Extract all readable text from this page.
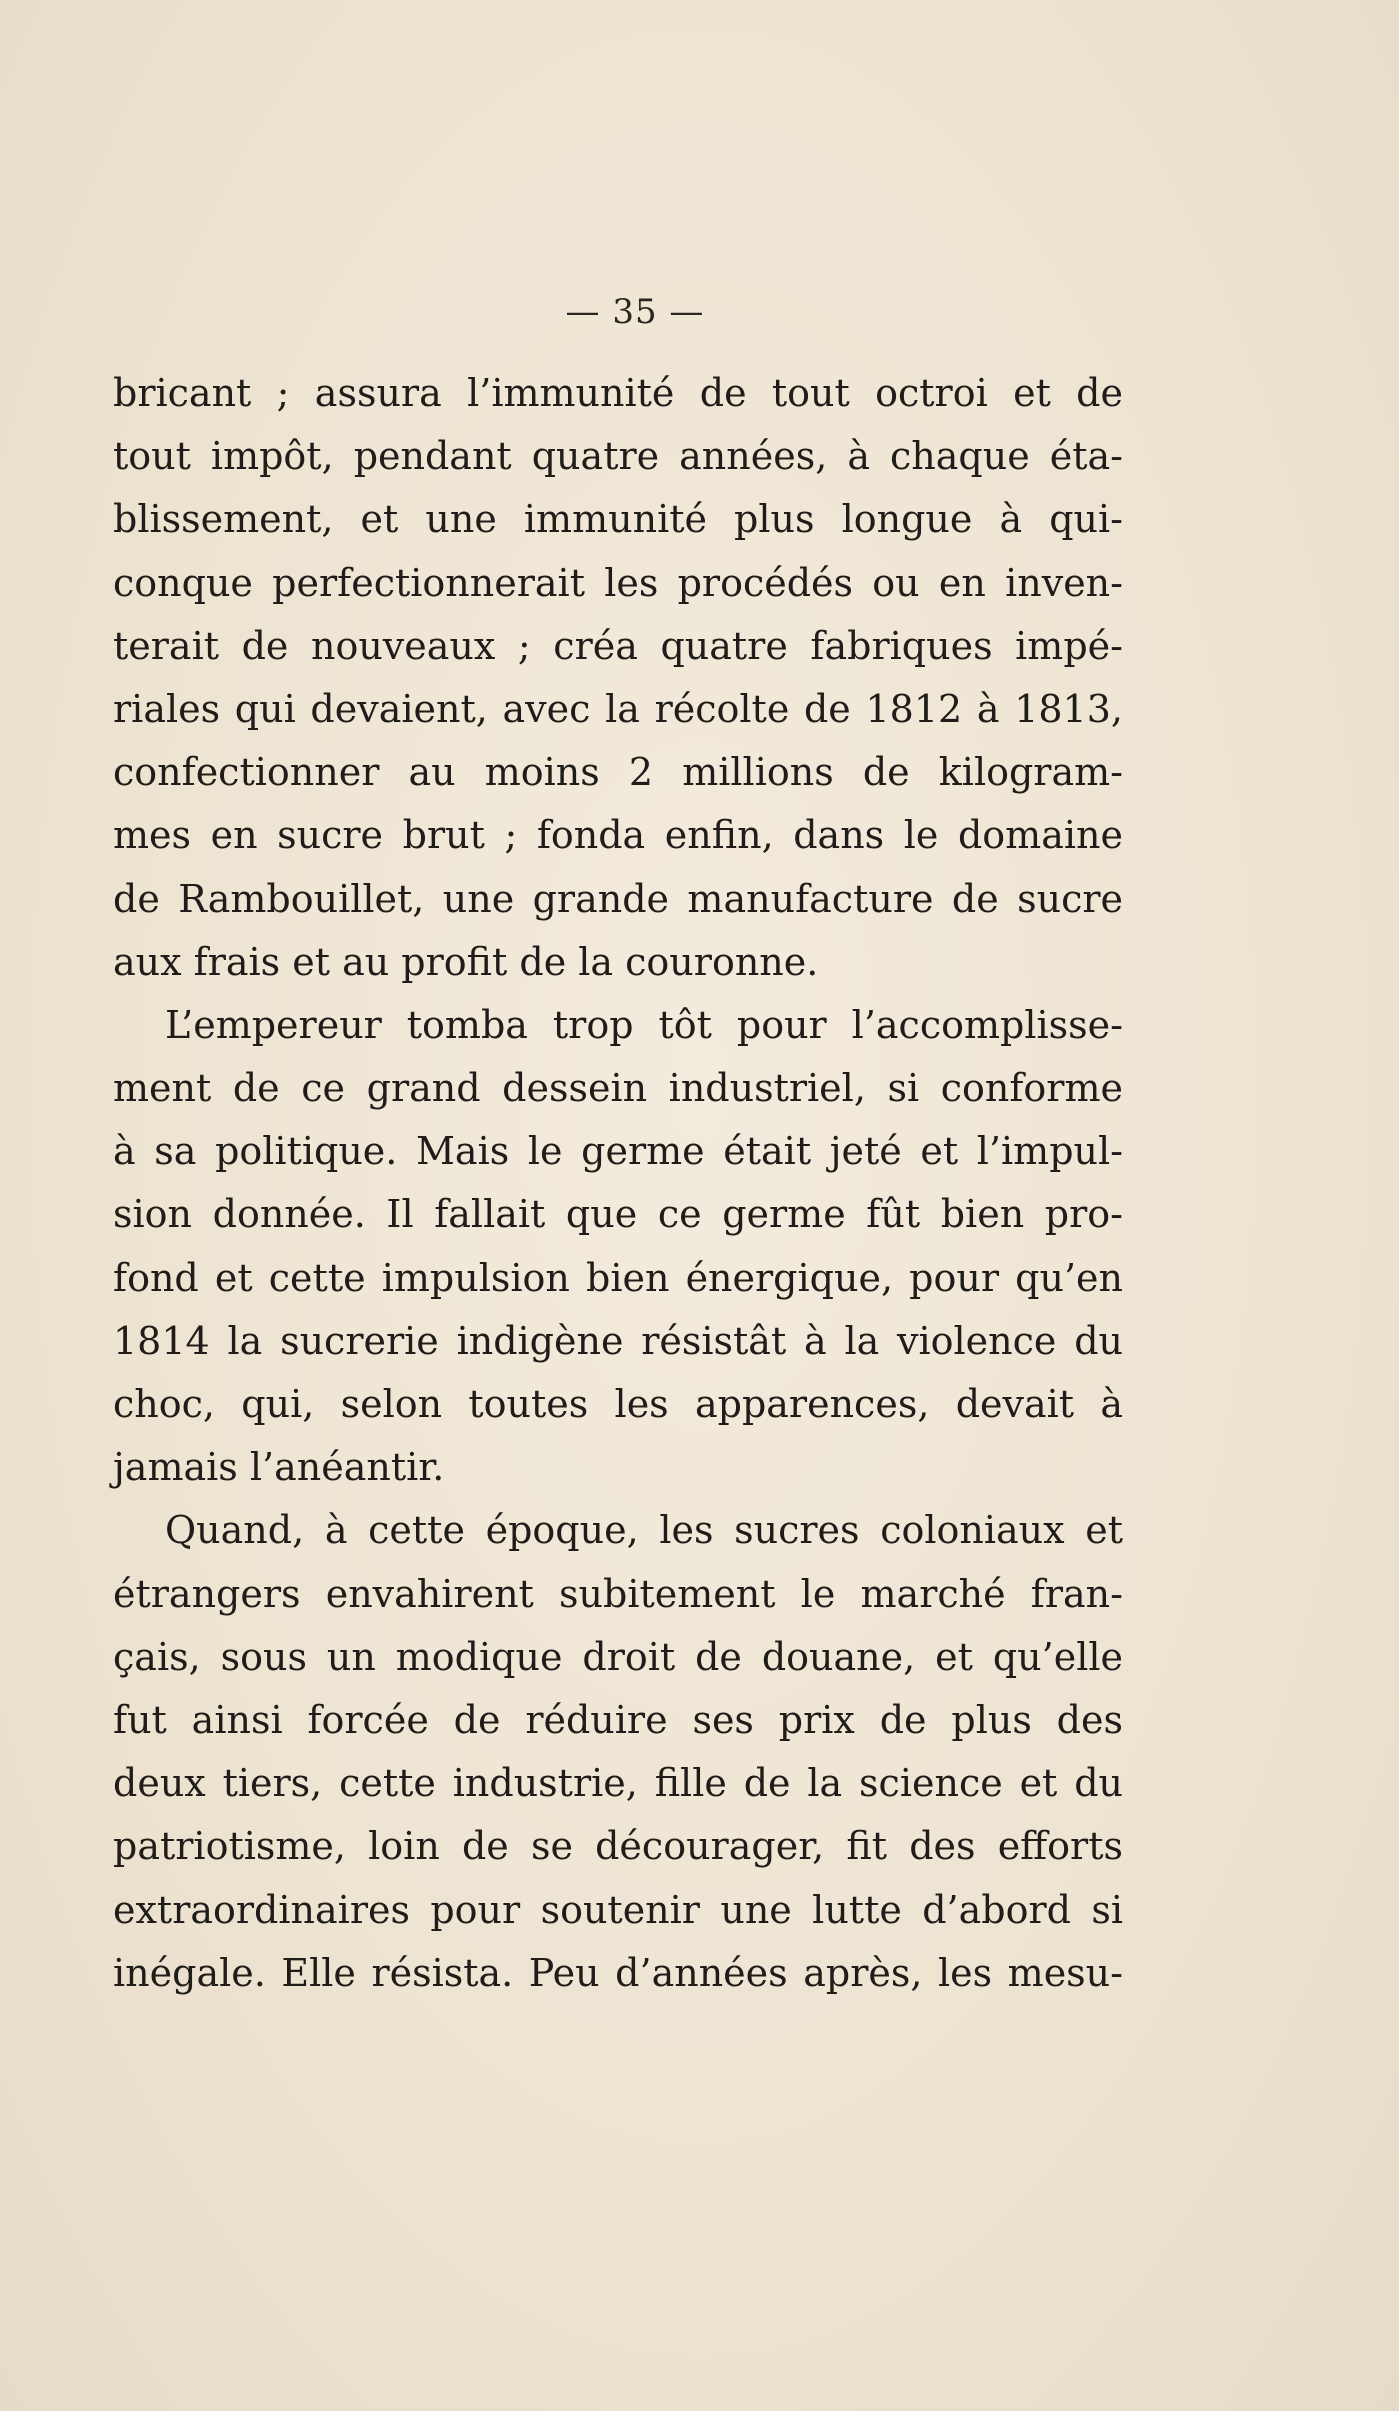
— 35 —
bricant ; assura l’immunité de tout octroi et de
tout impôt, pendant quatre années, à chaque éta-
blissement, et une immunité plus longue à qui-
conque perfectionnerait les procédés ou en inven-
terait de nouveaux ; créa quatre fabriques impé-
riales qui devaient, avec la récolte de 1812 à 1813,
confectionner au moins 2 millions de kilogram-
mes en sucre brut ; fonda enfin, dans le domaine
de Rambouillet, une grande manufacture de sucre
aux frais et au profit de la couronne.
L’empereur tomba trop tôt pour l’accomplisse-
ment de ce grand dessein industriel, si conforme
à sa politique. Mais le germe était jeté et l’impul-
sion donnée. Il fallait que ce germe fût bien pro-
fond et cette impulsion bien énergique, pour qu’en
1814 la sucrerie indigène résistât à la violence du
choc, qui, selon toutes les apparences, devait à
jamais l’anéantir.
Quand, à cette époque, les sucres coloniaux et
étrangers envahirent subitement le marché fran-
çais, sous un modique droit de douane, et qu’elle
fut ainsi forcée de réduire ses prix de plus des
deux tiers, cette industrie, fille de la science et du
patriotisme, loin de se décourager, fit des efforts
extraordinaires pour soutenir une lutte d’abord si
inégale. Elle résista. Peu d’années après, les mesu-
